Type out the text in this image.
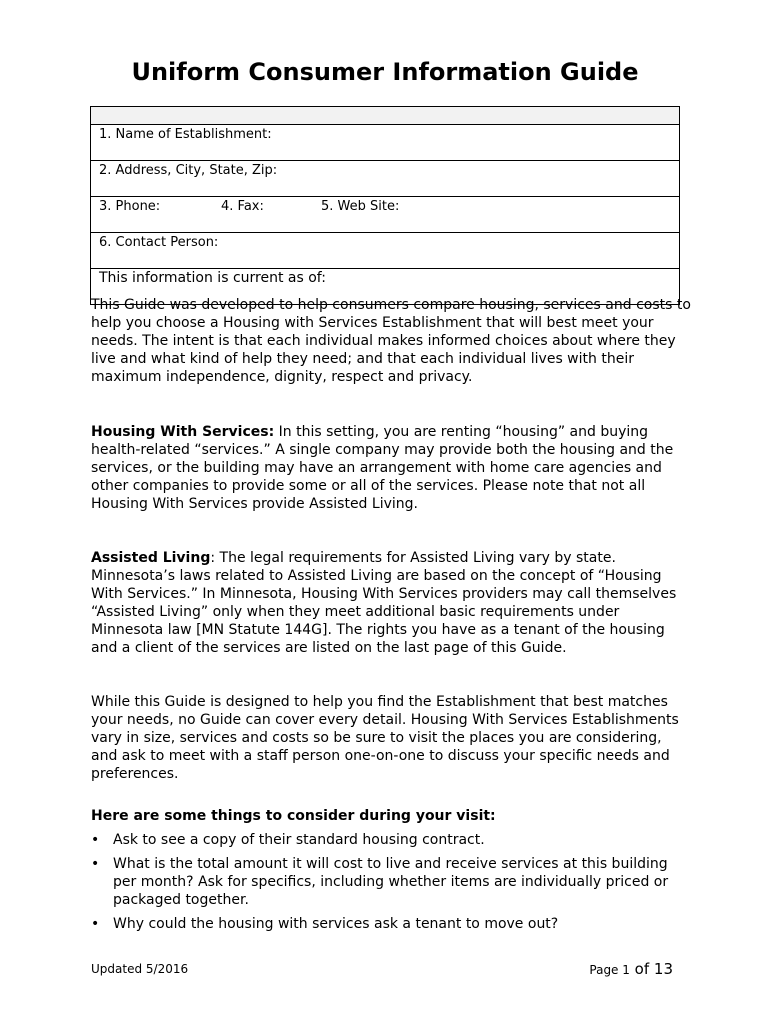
Uniform Consumer Information Guide

1. Name of Establishment:
2. Address, City, State, Zip:
3. Phone:	4. Fax:	5. Web Site:
6. Contact Person:
This information is current as of:

This Guide was developed to help consumers compare housing, services and costs to help you choose a Housing with Services Establishment that will best meet your needs. The intent is that each individual makes informed choices about where they live and what kind of help they need; and that each individual lives with their maximum independence, dignity, respect and privacy.

Housing With Services: In this setting, you are renting “housing” and buying health-related “services.” A single company may provide both the housing and the services, or the building may have an arrangement with home care agencies and other companies to provide some or all of the services. Please note that not all Housing With Services provide Assisted Living.

Assisted Living: The legal requirements for Assisted Living vary by state. Minnesota’s laws related to Assisted Living are based on the concept of “Housing With Services.” In Minnesota, Housing With Services providers may call themselves “Assisted Living” only when they meet additional basic requirements under Minnesota law [MN Statute 144G]. The rights you have as a tenant of the housing and a client of the services are listed on the last page of this Guide.

While this Guide is designed to help you find the Establishment that best matches your needs, no Guide can cover every detail. Housing With Services Establishments vary in size, services and costs so be sure to visit the places you are considering, and ask to meet with a staff person one-on-one to discuss your specific needs and preferences.

Here are some things to consider during your visit:

• Ask to see a copy of their standard housing contract.
• What is the total amount it will cost to live and receive services at this building per month? Ask for specifics, including whether items are individually priced or packaged together.
• Why could the housing with services ask a tenant to move out?
Updated 5/2016	Page 1 of 13
